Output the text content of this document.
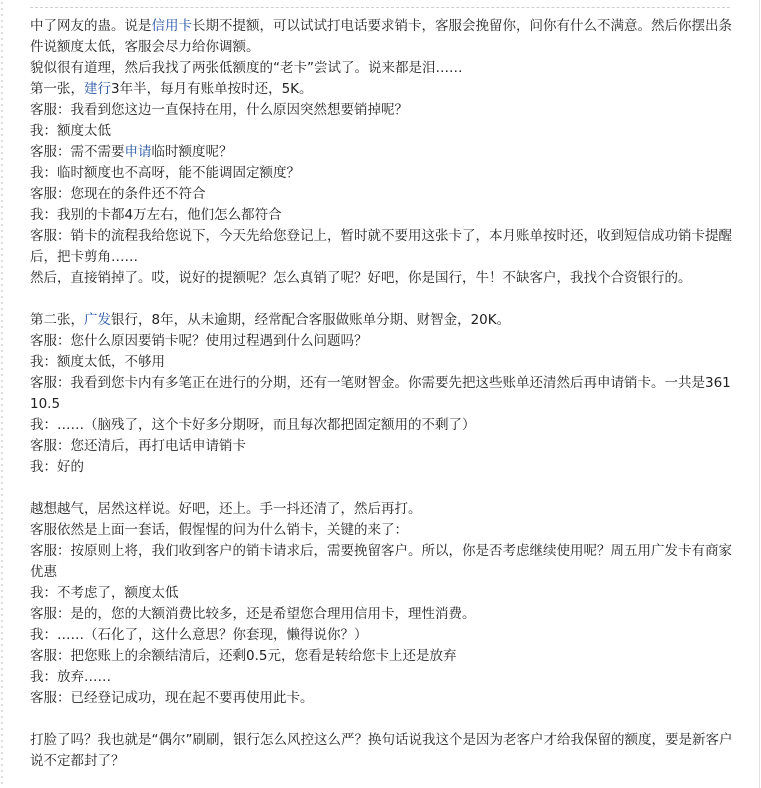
中了网友的蛊。说是信用卡长期不提额，可以试试打电话要求销卡，客服会挽留你，问你有什么不满意。然后你摆出条件说额度太低，客服会尽力给你调额。

貌似很有道理，然后我找了两张低额度的“老卡”尝试了。说来都是泪……

第一张，建行3年半，每月有账单按时还，5K。

客服：我看到您这边一直保持在用，什么原因突然想要销掉呢？

我：额度太低

客服：需不需要申请临时额度呢？

我：临时额度也不高呀，能不能调固定额度？

客服：您现在的条件还不符合

我：我别的卡都4万左右，他们怎么都符合

客服：销卡的流程我给您说下，今天先给您登记上，暂时就不要用这张卡了，本月账单按时还，收到短信成功销卡提醒后，把卡剪角……

然后，直接销掉了。哎，说好的提额呢？怎么真销了呢？好吧，你是国行，牛！不缺客户，我找个合资银行的。

第二张，广发银行，8年，从未逾期，经常配合客服做账单分期、财智金，20K。

客服：您什么原因要销卡呢？使用过程遇到什么问题吗？

我：额度太低，不够用

客服：我看到您卡内有多笔正在进行的分期，还有一笔财智金。你需要先把这些账单还清然后再申请销卡。一共是36110.5

我：……（脑残了，这个卡好多分期呀，而且每次都把固定额用的不剩了）

客服：您还清后，再打电话申请销卡

我：好的

越想越气，居然这样说。好吧，还上。手一抖还清了，然后再打。

客服依然是上面一套话，假惺惺的问为什么销卡，关键的来了：

客服：按原则上将，我们收到客户的销卡请求后，需要挽留客户。所以，你是否考虑继续使用呢？周五用广发卡有商家优惠

我：不考虑了，额度太低

客服：是的，您的大额消费比较多，还是希望您合理用信用卡，理性消费。

我：……（石化了，这什么意思？你套现，懒得说你？）

客服：把您账上的余额结清后，还剩0.5元，您看是转给您卡上还是放弃

我：放弃……

客服：已经登记成功，现在起不要再使用此卡。

打脸了吗？我也就是“偶尔”刷刷，银行怎么风控这么严？换句话说我这个是因为老客户才给我保留的额度，要是新客户说不定都封了？
